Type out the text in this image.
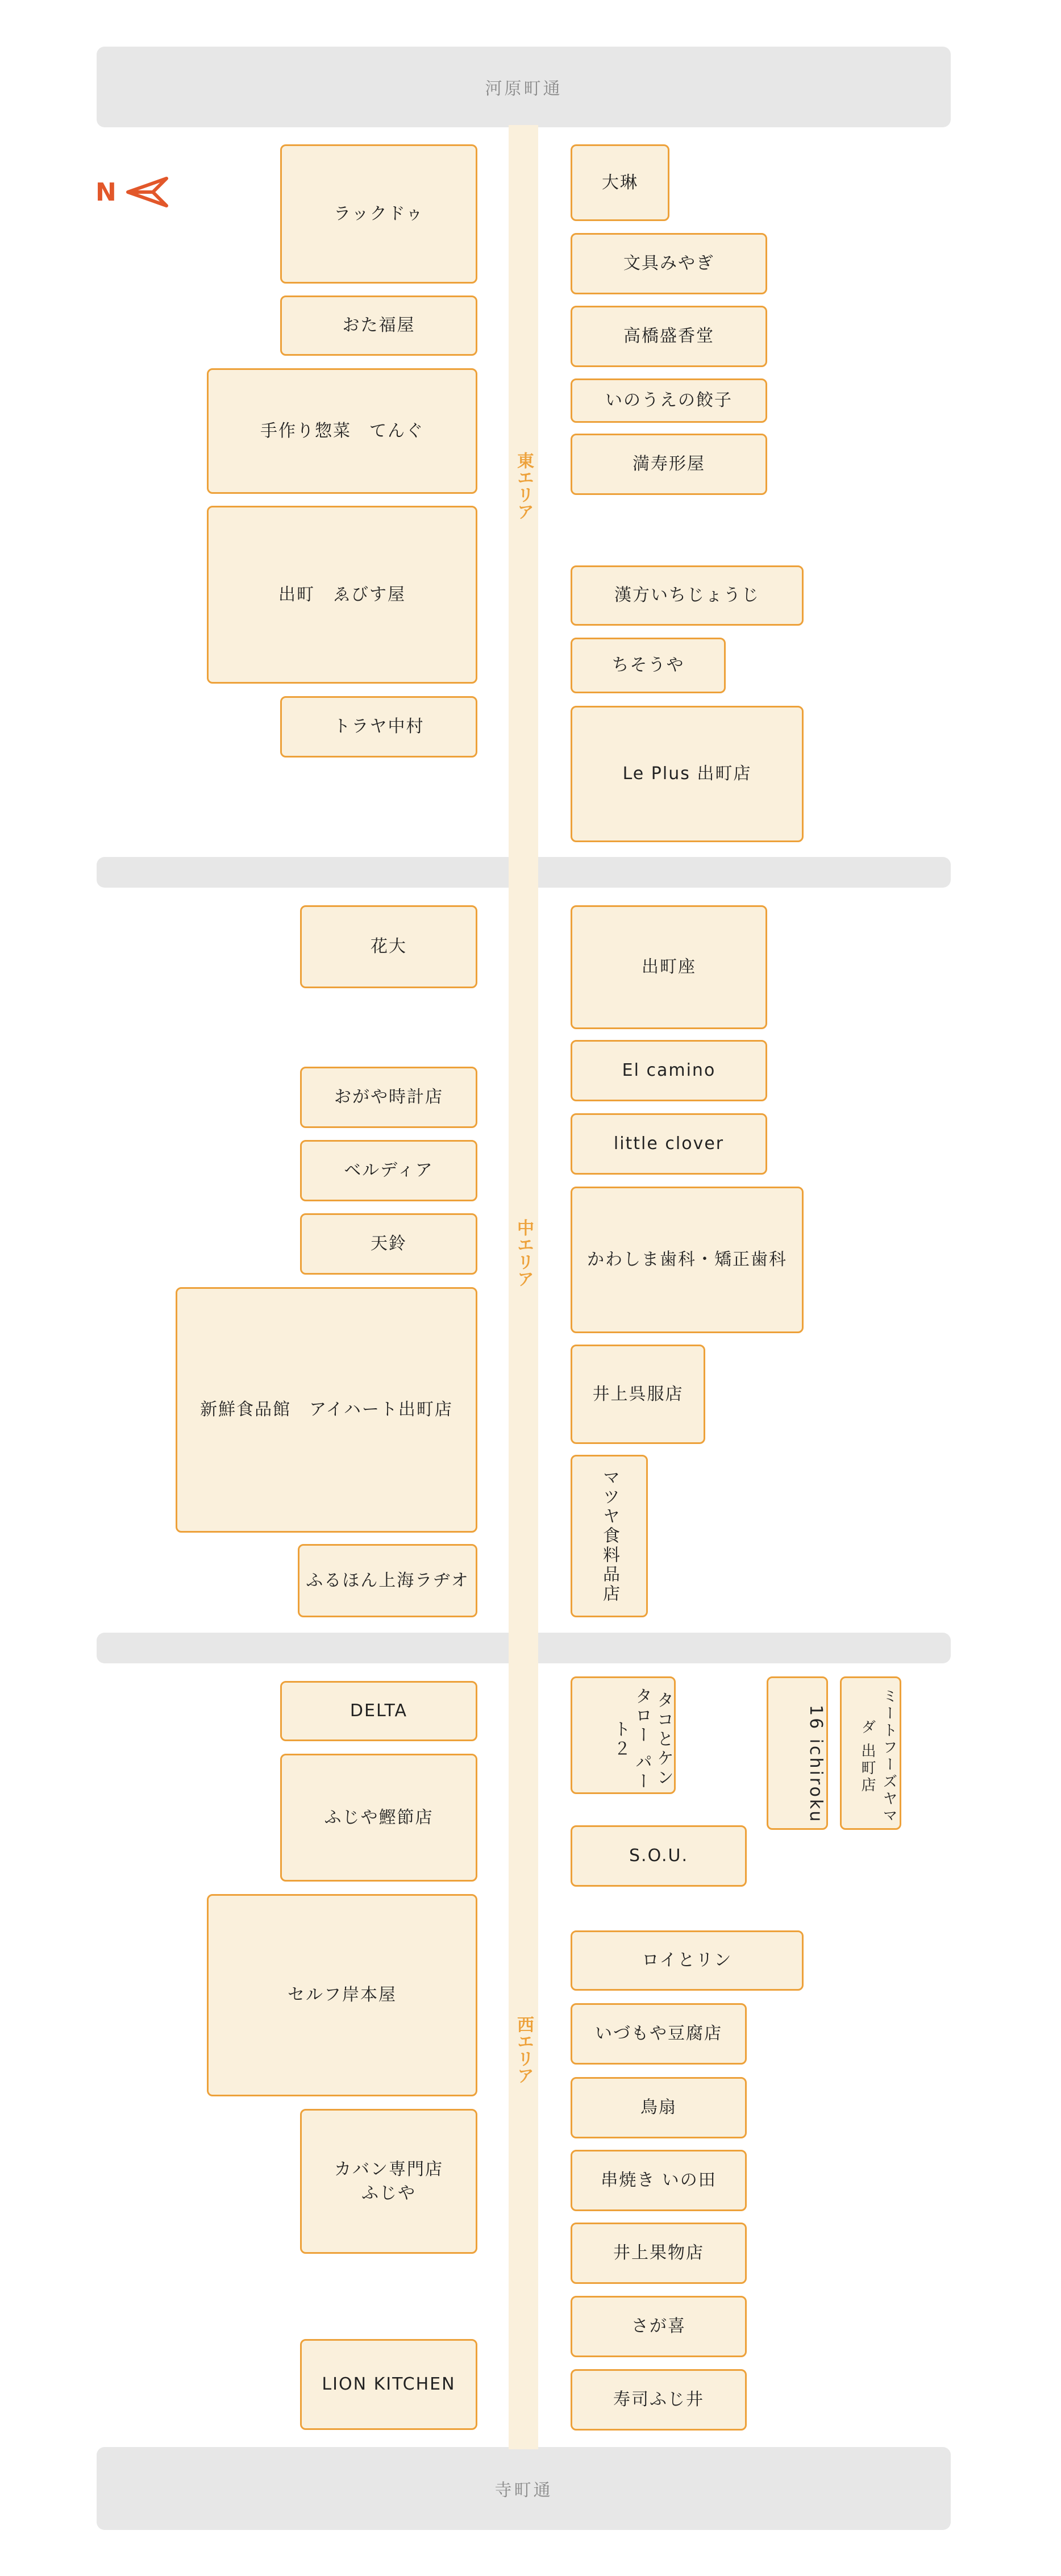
河原町通
寺町通
東エリア
中エリア
西エリア
N
ラックドゥ
おた福屋
手作り惣菜　てんぐ
出町　ゑびす屋
トラヤ中村
大琳
文具みやぎ
高橋盛香堂
いのうえの餃子
満寿形屋
漢方いちじょうじ
ちそうや
Le Plus 出町店
花大
おがや時計店
ベルディア
天鈴
新鮮食品館　アイハート出町店
ふるほん上海ラヂオ
出町座
El camino
little clover
かわしま歯科・矯正歯科
井上呉服店
マツヤ食料品店
DELTA
ふじや鰹節店
セルフ岸本屋
カバン専門店
ふじや
LION KITCHEN
タコとケンタロー パート２	16 ichiroku	ミートフーズヤマダ 出町店
S.O.U.
ロイとリン
いづもや豆腐店
鳥扇
串焼き いの田
井上果物店
さが喜
寿司ふじ井
